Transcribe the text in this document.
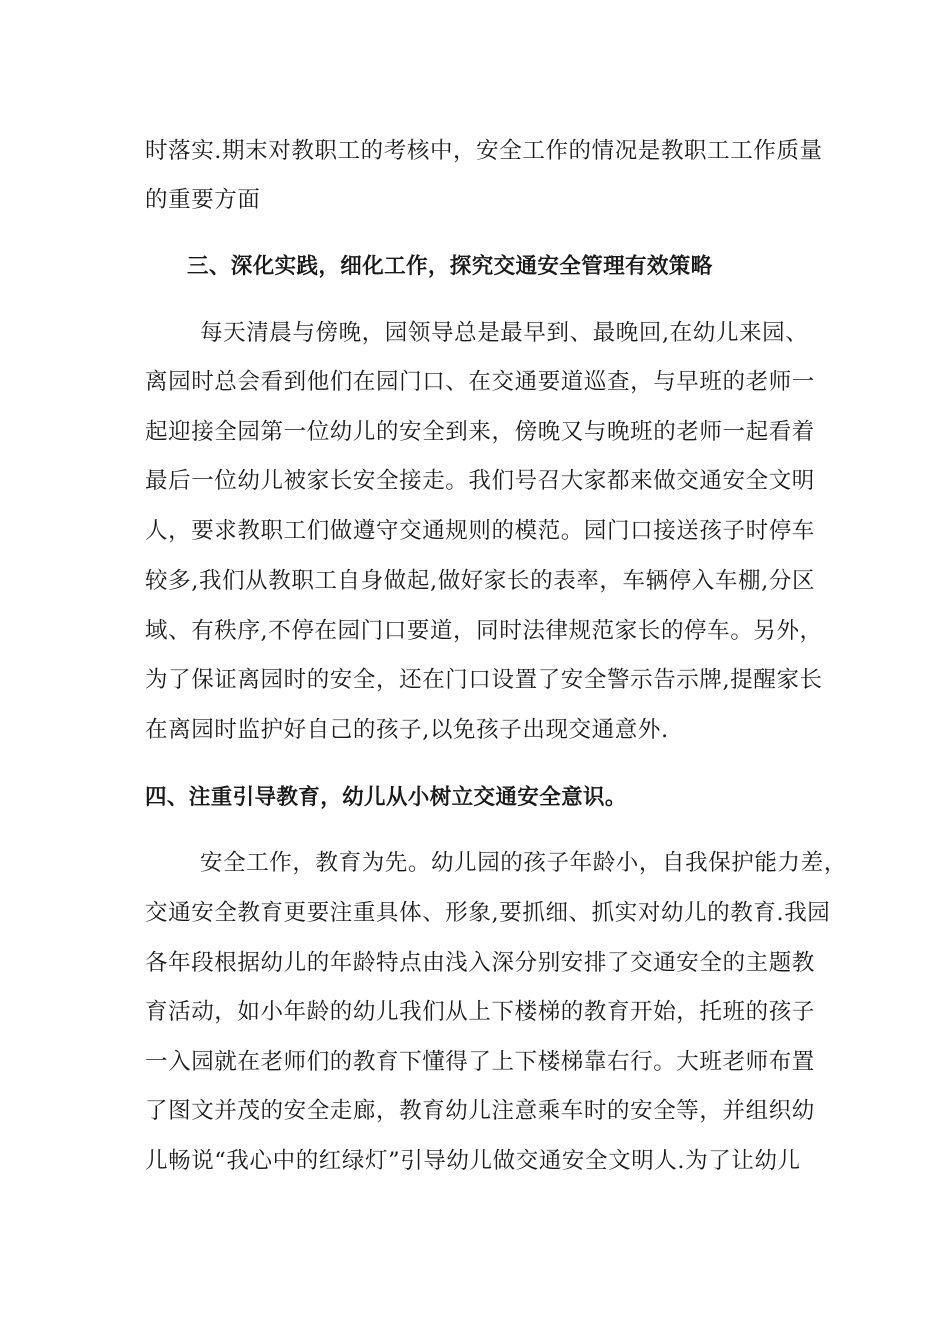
时落实.期末对教职工的考核中，安全工作的情况是教职工工作质量
的重要方面
三、深化实践，细化工作，探究交通安全管理有效策略
每天清晨与傍晚，园领导总是最早到、最晚回,在幼儿来园、
离园时总会看到他们在园门口、在交通要道巡查，与早班的老师一
起迎接全园第一位幼儿的安全到来，傍晚又与晚班的老师一起看着
最后一位幼儿被家长安全接走。我们号召大家都来做交通安全文明
人，要求教职工们做遵守交通规则的模范。园门口接送孩子时停车
较多,我们从教职工自身做起,做好家长的表率，车辆停入车棚,分区
域、有秩序,不停在园门口要道，同时法律规范家长的停车。另外，
为了保证离园时的安全，还在门口设置了安全警示告示牌,提醒家长
在离园时监护好自己的孩子,以免孩子出现交通意外.
四、注重引导教育，幼儿从小树立交通安全意识。
安全工作，教育为先。幼儿园的孩子年龄小，自我保护能力差，
交通安全教育更要注重具体、形象,要抓细、抓实对幼儿的教育.我园
各年段根据幼儿的年龄特点由浅入深分别安排了交通安全的主题教
育活动，如小年龄的幼儿我们从上下楼梯的教育开始，托班的孩子
一入园就在老师们的教育下懂得了上下楼梯靠右行。大班老师布置
了图文并茂的安全走廊，教育幼儿注意乘车时的安全等，并组织幼
儿畅说“我心中的红绿灯”引导幼儿做交通安全文明人.为了让幼儿
